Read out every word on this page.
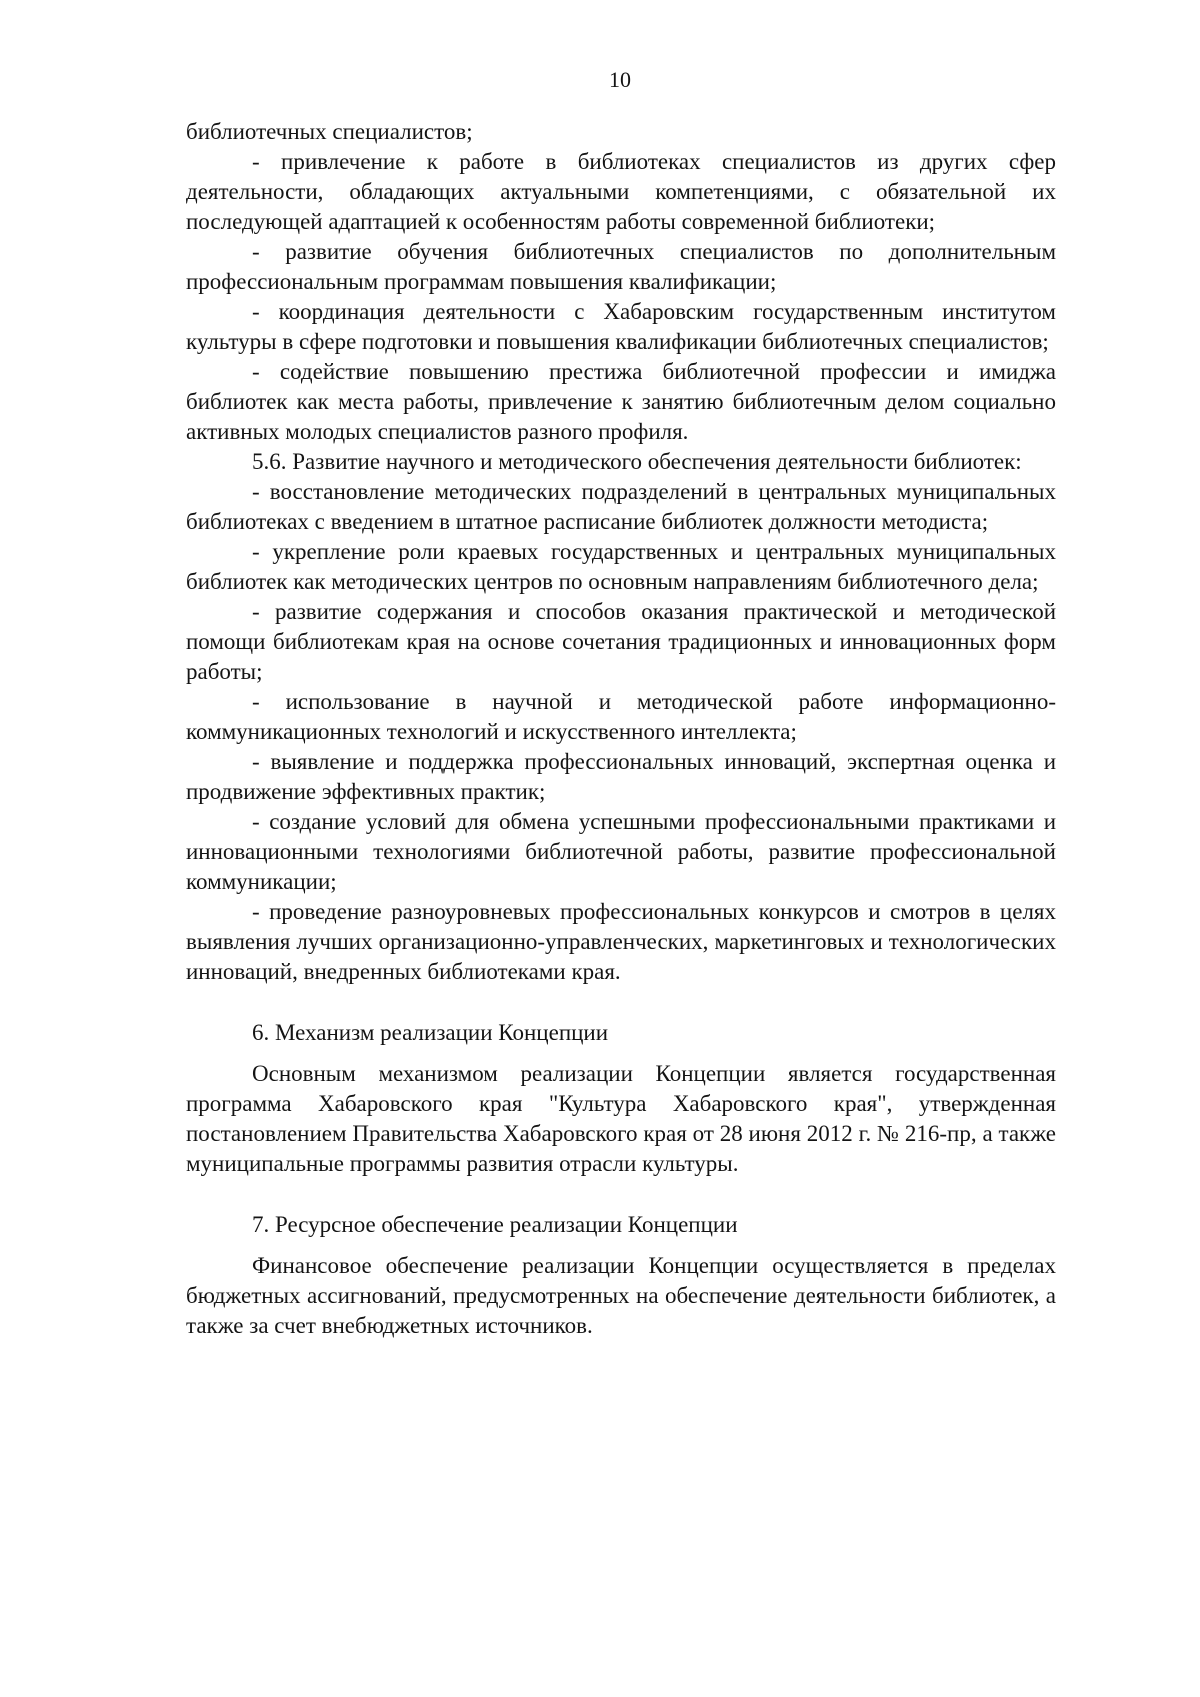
10

библиотечных специалистов;

- привлечение к работе в библиотеках специалистов из других сфер деятельности, обладающих актуальными компетенциями, с обязательной их последующей адаптацией к особенностям работы современной библиотеки;

- развитие обучения библиотечных специалистов по дополнительным профессиональным программам повышения квалификации;

- координация деятельности с Хабаровским государственным институтом культуры в сфере подготовки и повышения квалификации библиотечных специалистов;

- содействие повышению престижа библиотечной профессии и имиджа библиотек как места работы, привлечение к занятию библиотечным делом социально активных молодых специалистов разного профиля.

5.6. Развитие научного и методического обеспечения деятельности библиотек:

- восстановление методических подразделений в центральных муниципальных библиотеках с введением в штатное расписание библиотек должности методиста;

- укрепление роли краевых государственных и центральных муниципальных библиотек как методических центров по основным направлениям библиотечного дела;

- развитие содержания и способов оказания практической и методической помощи библиотекам края на основе сочетания традиционных и инновационных форм работы;

- использование в научной и методической работе информационно-коммуникационных технологий и искусственного интеллекта;

- выявление и поддержка профессиональных инноваций, экспертная оценка и продвижение эффективных практик;

- создание условий для обмена успешными профессиональными практиками и инновационными технологиями библиотечной работы, развитие профессиональной коммуникации;

- проведение разноуровневых профессиональных конкурсов и смотров в целях выявления лучших организационно-управленческих, маркетинговых и технологических инноваций, внедренных библиотеками края.

6. Механизм реализации Концепции

Основным механизмом реализации Концепции является государственная программа Хабаровского края "Культура Хабаровского края", утвержденная постановлением Правительства Хабаровского края от 28 июня 2012 г. № 216-пр, а также муниципальные программы развития отрасли культуры.

7. Ресурсное обеспечение реализации Концепции

Финансовое обеспечение реализации Концепции осуществляется в пределах бюджетных ассигнований, предусмотренных на обеспечение деятельности библиотек, а также за счет внебюджетных источников.
